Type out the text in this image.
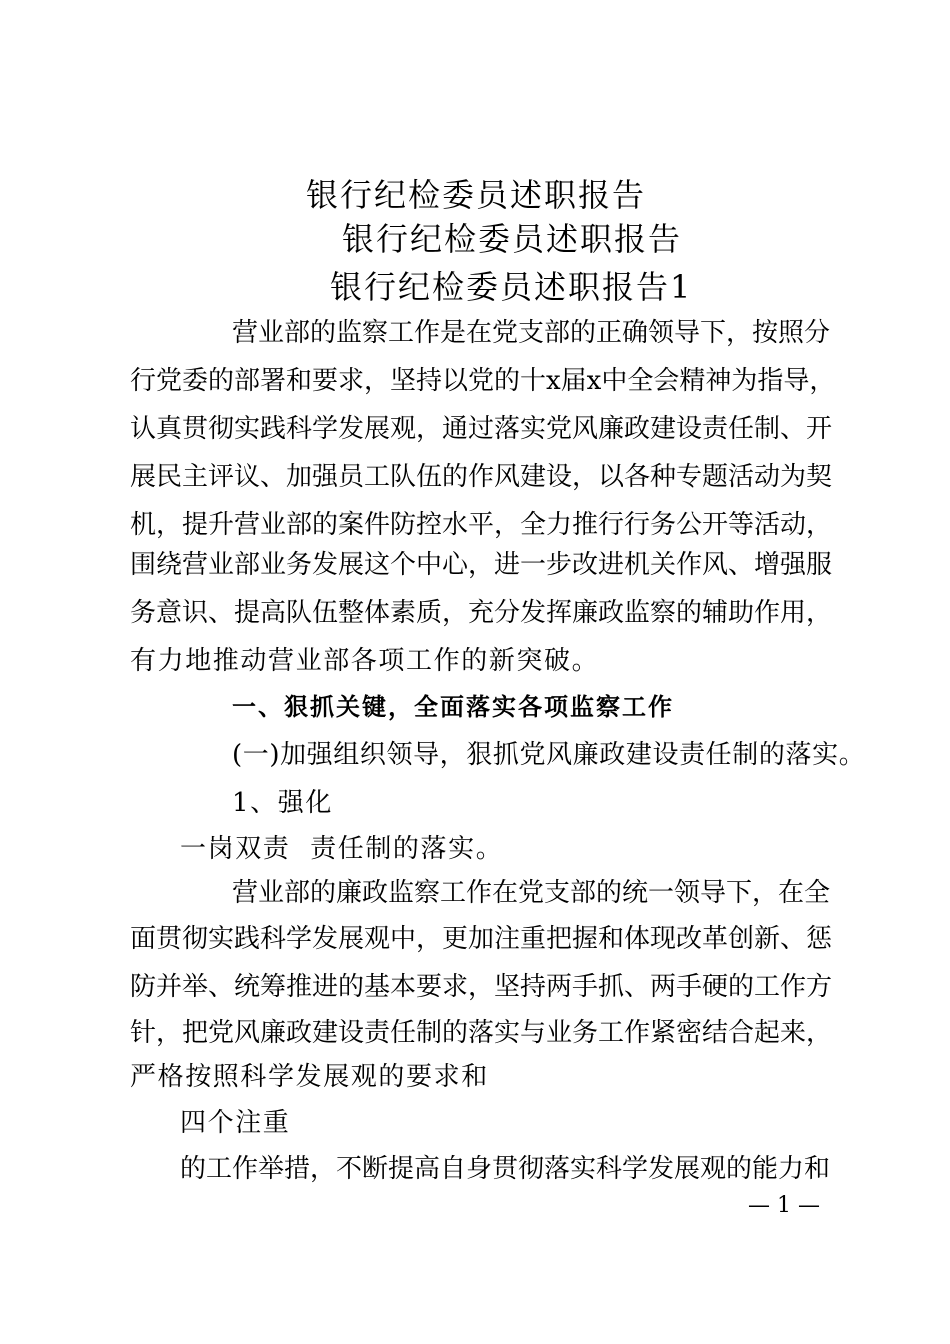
银行纪检委员述职报告
银行纪检委员述职报告
银行纪检委员述职报告1
营业部的监察工作是在党支部的正确领导下，按照分
行党委的部署和要求，坚持以党的十x届x中全会精神为指导，
认真贯彻实践科学发展观，通过落实党风廉政建设责任制、开
展民主评议、加强员工队伍的作风建设，以各种专题活动为契
机，提升营业部的案件防控水平，全力推行行务公开等活动，
围绕营业部业务发展这个中心，进一步改进机关作风、增强服
务意识、提高队伍整体素质，充分发挥廉政监察的辅助作用，
有力地推动营业部各项工作的新突破。
一、狠抓关键，全面落实各项监察工作
(一)加强组织领导，狠抓党风廉政建设责任制的落实。
1、强化
一岗双责  责任制的落实。
营业部的廉政监察工作在党支部的统一领导下，在全
面贯彻实践科学发展观中，更加注重把握和体现改革创新、惩
防并举、统筹推进的基本要求，坚持两手抓、两手硬的工作方
针，把党风廉政建设责任制的落实与业务工作紧密结合起来，
严格按照科学发展观的要求和
四个注重
的工作举措，不断提高自身贯彻落实科学发展观的能力和
— 1 —
